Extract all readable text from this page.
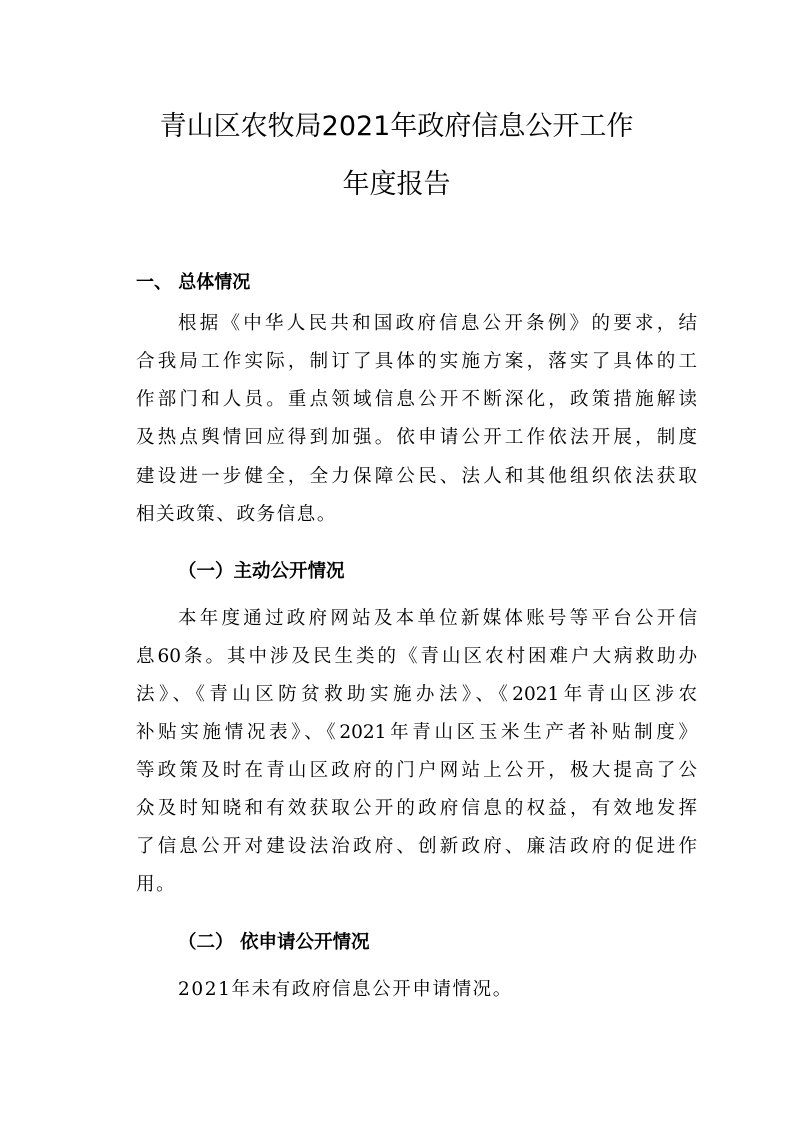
青山区农牧局2021年政府信息公开工作
年度报告
一、 总体情况
根据《中华人民共和国政府信息公开条例》的要求，结
合我局工作实际，制订了具体的实施方案，落实了具体的工
作部门和人员。重点领域信息公开不断深化，政策措施解读
及热点舆情回应得到加强。依申请公开工作依法开展，制度
建设进一步健全，全力保障公民、法人和其他组织依法获取
相关政策、政务信息。
（一）主动公开情况
本年度通过政府网站及本单位新媒体账号等平台公开信
息60条。其中涉及民生类的《青山区农村困难户大病救助办
法》、《青山区防贫救助实施办法》、《2021年青山区涉农
补贴实施情况表》、《2021年青山区玉米生产者补贴制度》
等政策及时在青山区政府的门户网站上公开，极大提高了公
众及时知晓和有效获取公开的政府信息的权益，有效地发挥
了信息公开对建设法治政府、创新政府、廉洁政府的促进作
用。
（二） 依申请公开情况
2021年未有政府信息公开申请情况。
